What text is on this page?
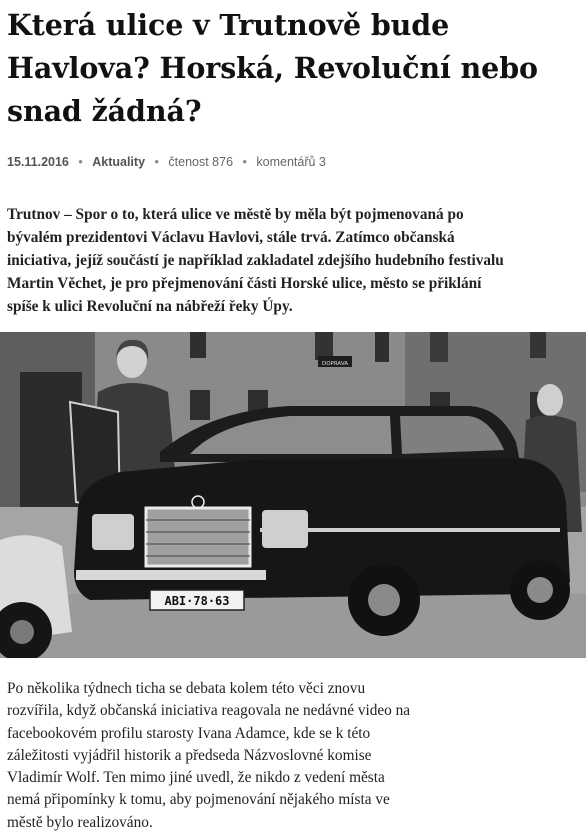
Která ulice v Trutnově bude
Havlova? Horská, Revoluční nebo
snad žádná?
15.11.2016 • Aktuality • čtenost 876 • komentářů 3

Trutnov – Spor o to, která ulice ve městě by měla být pojmenovaná po
bývalém prezidentovi Václavu Havlovi, stále trvá. Zatímco občanská
iniciativa, jejíž součástí je například zakladatel zdejšího hudebního festivalu
Martin Věchet, je pro přejmenování části Horské ulice, město se přiklání
spíše k ulici Revoluční na nábřeží řeky Úpy.

DOPRAVA
ABI·78·63

Po několika týdnech ticha se debata kolem této věci znovu
rozvířila, když občanská iniciativa reagovala ne nedávné video na
facebookovém profilu starosty Ivana Adamce, kde se k této
záležitosti vyjádřil historik a předseda Názvoslovné komise
Vladimír Wolf. Ten mimo jiné uvedl, že nikdo z vedení města
nemá připomínky k tomu, aby pojmenování nějakého místa ve
městě bylo realizováno.
